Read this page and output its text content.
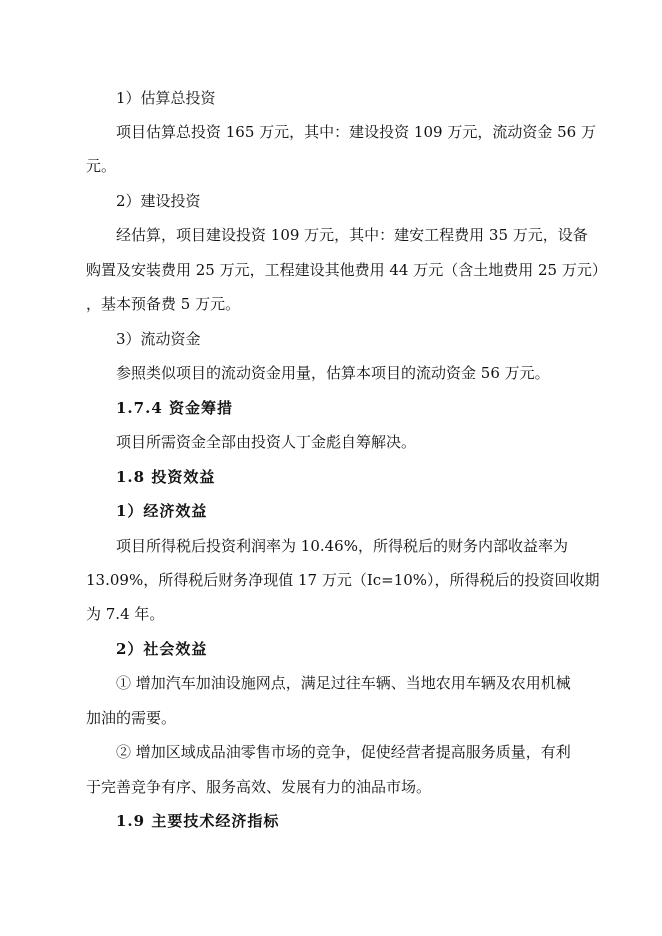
1）估算总投资
项目估算总投资 165 万元，其中：建设投资 109 万元，流动资金 56 万
元。
2）建设投资
经估算，项目建设投资 109 万元，其中：建安工程费用 35 万元，设备
购置及安装费用 25 万元，工程建设其他费用 44 万元（含土地费用 25 万元）
，基本预备费 5 万元。
3）流动资金
参照类似项目的流动资金用量，估算本项目的流动资金 56 万元。
1.7.4 资金筹措
项目所需资金全部由投资人丁金彪自筹解决。
1.8 投资效益
1）经济效益
项目所得税后投资利润率为 10.46%，所得税后的财务内部收益率为
13.09%，所得税后财务净现值 17 万元（Ic=10%），所得税后的投资回收期
为 7.4 年。
2）社会效益
① 增加汽车加油设施网点，满足过往车辆、当地农用车辆及农用机械
加油的需要。
② 增加区域成品油零售市场的竞争，促使经营者提高服务质量，有利
于完善竞争有序、服务高效、发展有力的油品市场。
1.9 主要技术经济指标
